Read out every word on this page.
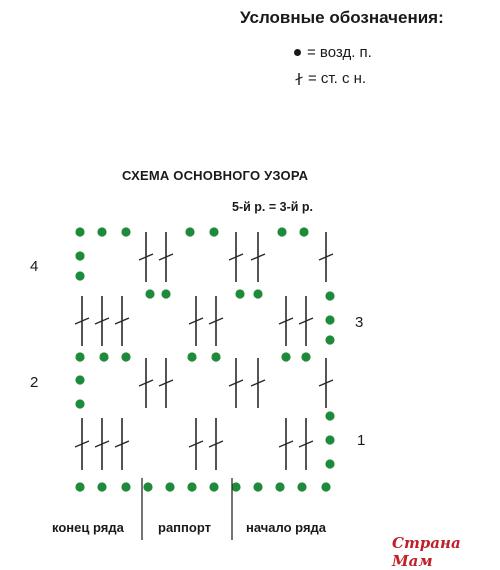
Условные обозначения:
= возд. п.
= ст. с н.
СХЕМА ОСНОВНОГО УЗОРА
5-й р. = 3-й р.
4
3
2
1
конец ряда	раппорт	начало ряда
Страна Мам
